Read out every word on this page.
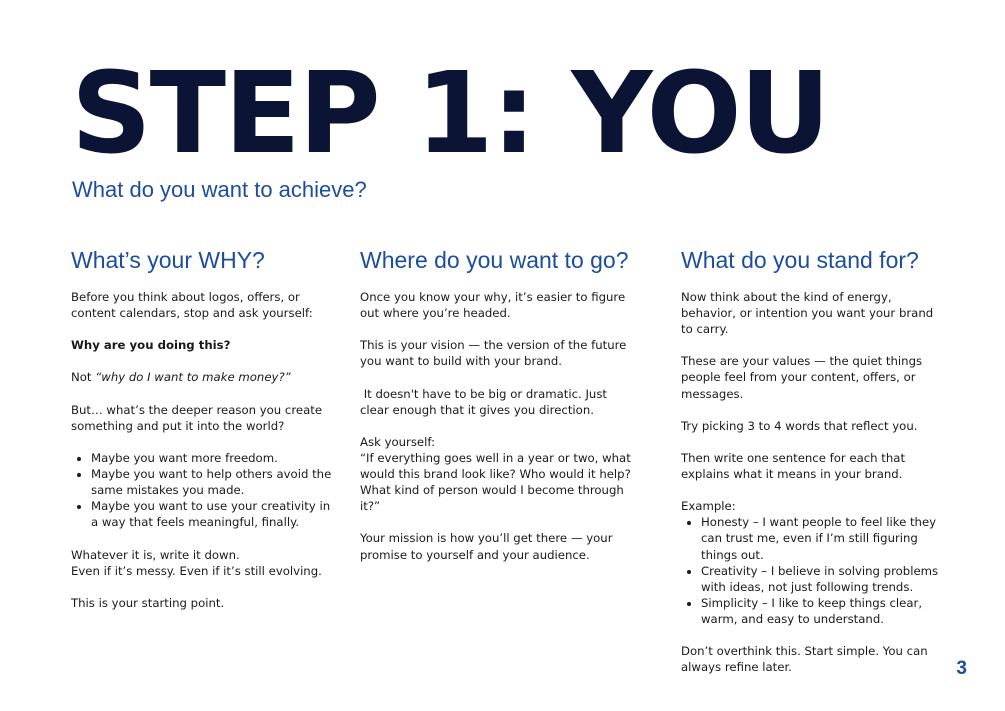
STEP 1: YOU
What do you want to achieve?
What’s your WHY?

Before you think about logos, offers, or content calendars, stop and ask yourself:

Why are you doing this?

Not “why do I want to make money?”

But… what’s the deeper reason you create something and put it into the world?

• Maybe you want more freedom.
• Maybe you want to help others avoid the same mistakes you made.
• Maybe you want to use your creativity in a way that feels meaningful, finally.

Whatever it is, write it down.
Even if it’s messy. Even if it’s still evolving.

This is your starting point.

Where do you want to go?

Once you know your why, it’s easier to figure out where you’re headed.

This is your vision — the version of the future you want to build with your brand.

It doesn't have to be big or dramatic. Just clear enough that it gives you direction.

Ask yourself:
“If everything goes well in a year or two, what would this brand look like? Who would it help? What kind of person would I become through it?”

Your mission is how you’ll get there — your promise to yourself and your audience.

What do you stand for?

Now think about the kind of energy, behavior, or intention you want your brand to carry.

These are your values — the quiet things people feel from your content, offers, or messages.

Try picking 3 to 4 words that reflect you.

Then write one sentence for each that explains what it means in your brand.

Example:

• Honesty – I want people to feel like they can trust me, even if I’m still figuring things out.
• Creativity – I believe in solving problems with ideas, not just following trends.
• Simplicity – I like to keep things clear, warm, and easy to understand.

Don’t overthink this. Start simple. You can always refine later.	3
